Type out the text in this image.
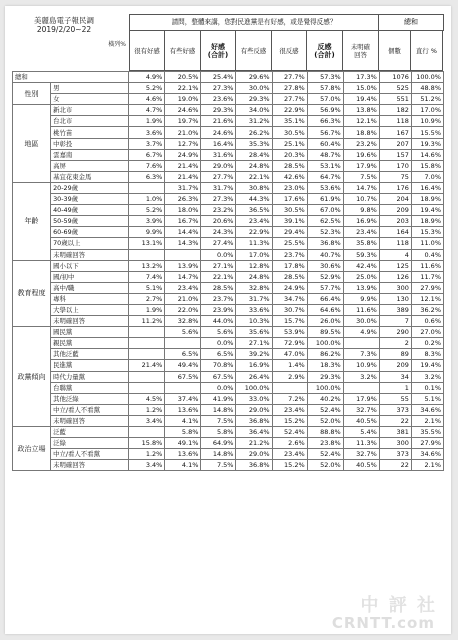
美麗島電子報民調
2019/2/20~22
橫列%
請問，整體來講，您對民進黨是有好感，或是覺得反感？	總和
很有好感	有些好感	好感
(合計)	有些反感	很反感	反感
(合計)
未明確
回答	個數	直行 %
總和		4.9%	20.5%	25.4%	29.6%	27.7%	57.3%	17.3%	1076	100.0%
性別	男	5.2%	22.1%	27.3%	30.0%	27.8%	57.8%	15.0%	525	48.8%
	女	4.6%	19.0%	23.6%	29.3%	27.7%	57.0%	19.4%	551	51.2%
地區	新北市	4.7%	24.6%	29.3%	34.0%	22.9%	56.9%	13.8%	182	17.0%
	台北市	1.9%	19.7%	21.6%	31.2%	35.1%	66.3%	12.1%	118	10.9%
	桃竹苗	3.6%	21.0%	24.6%	26.2%	30.5%	56.7%	18.8%	167	15.5%
	中彰投	3.7%	12.7%	16.4%	35.3%	25.1%	60.4%	23.2%	207	19.3%
	雲嘉南	6.7%	24.9%	31.6%	28.4%	20.3%	48.7%	19.6%	157	14.6%
	高屏	7.6%	21.4%	29.0%	24.8%	28.5%	53.1%	17.9%	170	15.8%
	基宜花東金馬	6.3%	21.4%	27.7%	22.1%	42.6%	64.7%	7.5%	75	7.0%
年齡	20-29歲		31.7%	31.7%	30.8%	23.0%	53.6%	14.7%	176	16.4%
	30-39歲	1.0%	26.3%	27.3%	44.3%	17.6%	61.9%	10.7%	204	18.9%
	40-49歲	5.2%	18.0%	23.2%	36.5%	30.5%	67.0%	9.8%	209	19.4%
	50-59歲	3.9%	16.7%	20.6%	23.4%	39.1%	62.5%	16.9%	203	18.9%
	60-69歲	9.9%	14.4%	24.3%	22.9%	29.4%	52.3%	23.4%	164	15.3%
	70歲以上	13.1%	14.3%	27.4%	11.3%	25.5%	36.8%	35.8%	118	11.0%
	未明確回答			0.0%	17.0%	23.7%	40.7%	59.3%	4	0.4%
教育程度	國小以下	13.2%	13.9%	27.1%	12.8%	17.8%	30.6%	42.4%	125	11.6%
	國/初中	7.4%	14.7%	22.1%	24.8%	28.5%	52.9%	25.0%	126	11.7%
	高中/職	5.1%	23.4%	28.5%	32.8%	24.9%	57.7%	13.9%	300	27.9%
	專科	2.7%	21.0%	23.7%	31.7%	34.7%	66.4%	9.9%	130	12.1%
	大學以上	1.9%	22.0%	23.9%	33.6%	30.7%	64.6%	11.6%	389	36.2%
	未明確回答	11.2%	32.8%	44.0%	10.3%	15.7%	26.0%	30.0%	7	0.6%
政黨傾向	國民黨		5.6%	5.6%	35.6%	53.9%	89.5%	4.9%	290	27.0%
	親民黨			0.0%	27.1%	72.9%	100.0%		2	0.2%
	其他泛藍		6.5%	6.5%	39.2%	47.0%	86.2%	7.3%	89	8.3%
	民進黨	21.4%	49.4%	70.8%	16.9%	1.4%	18.3%	10.9%	209	19.4%
	時代力量黨		67.5%	67.5%	26.4%	2.9%	29.3%	3.2%	34	3.2%
	台聯黨			0.0%	100.0%		100.0%		1	0.1%
	其他泛綠	4.5%	37.4%	41.9%	33.0%	7.2%	40.2%	17.9%	55	5.1%
	中立/看人不看黨	1.2%	13.6%	14.8%	29.0%	23.4%	52.4%	32.7%	373	34.6%
	未明確回答	3.4%	4.1%	7.5%	36.8%	15.2%	52.0%	40.5%	22	2.1%
政治立場	泛藍		5.8%	5.8%	36.4%	52.4%	88.8%	5.4%	381	35.5%
	泛綠	15.8%	49.1%	64.9%	21.2%	2.6%	23.8%	11.3%	300	27.9%
	中立/看人不看黨	1.2%	13.6%	14.8%	29.0%	23.4%	52.4%	32.7%	373	34.6%
	未明確回答	3.4%	4.1%	7.5%	36.8%	15.2%	52.0%	40.5%	22	2.1%
中 評 社
CRNTT.com
